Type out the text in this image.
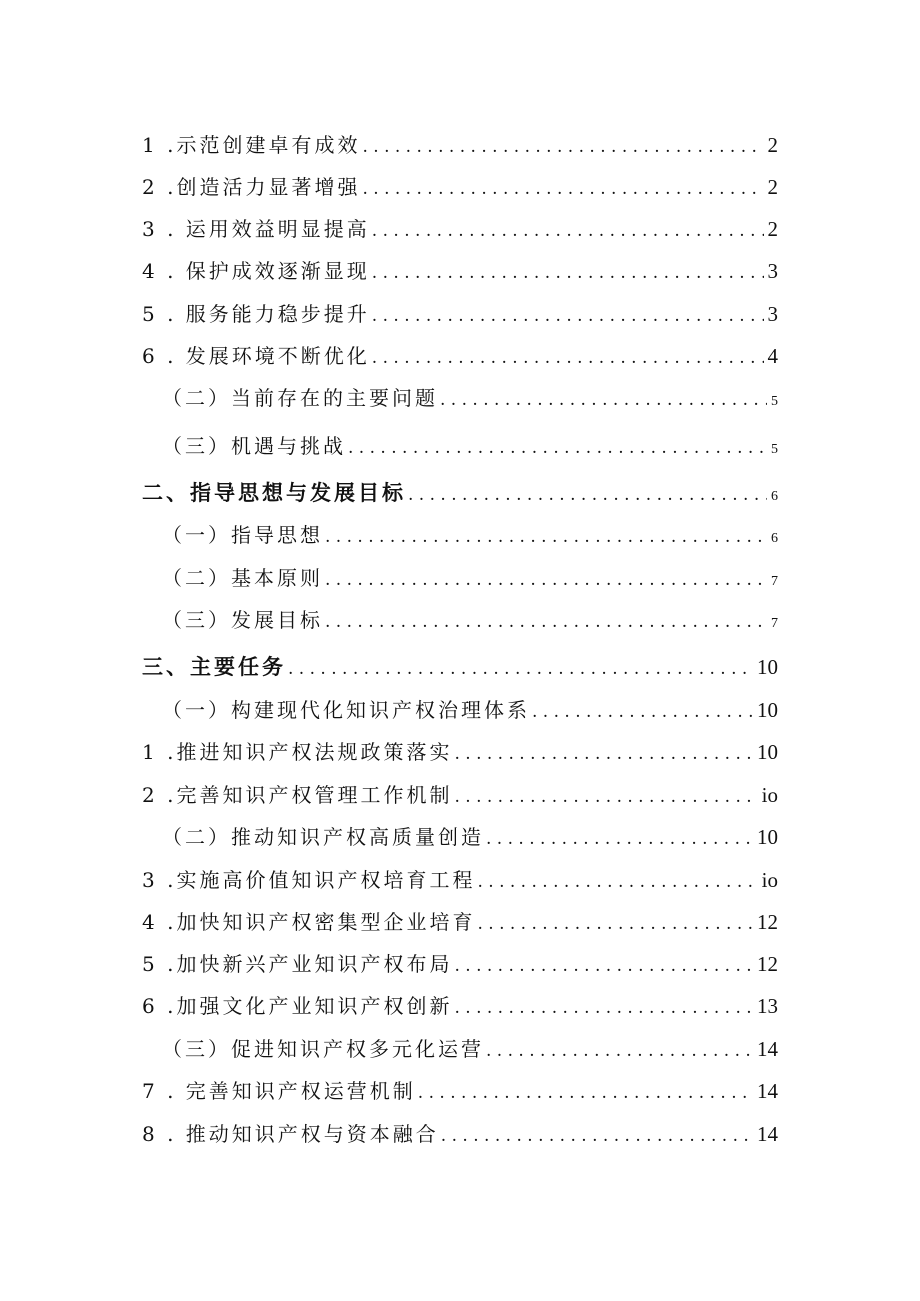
1 .示范创建卓有成效 . . .	2
2 .创造活力显著增强 . . .	2
3 . 运用效益明显提高 . . .	2
4 . 保护成效逐渐显现 . . .	3
5 . 服务能力稳步提升 . . .	3
6 . 发展环境不断优化 . . .	4
（二）当前存在的主要问题 . . .	5
（三）机遇与挑战 . . .	5
二、指导思想与发展目标 . . .	6
（一）指导思想 . . .	6
（二）基本原则 . . .	7
（三）发展目标 . . .	7
三、主要任务 . . .	10
（一）构建现代化知识产权治理体系 . . .	10
1 .推进知识产权法规政策落实 . . .	10
2 .完善知识产权管理工作机制 . . .	io
（二）推动知识产权高质量创造 . . .	10
3 .实施高价值知识产权培育工程 . . .	io
4 .加快知识产权密集型企业培育 . . .	12
5 .加快新兴产业知识产权布局 . . .	12
6 .加强文化产业知识产权创新 . . .	13
（三）促进知识产权多元化运营 . . .	14
7 . 完善知识产权运营机制 . . .	14
8 . 推动知识产权与资本融合 . . .	14
